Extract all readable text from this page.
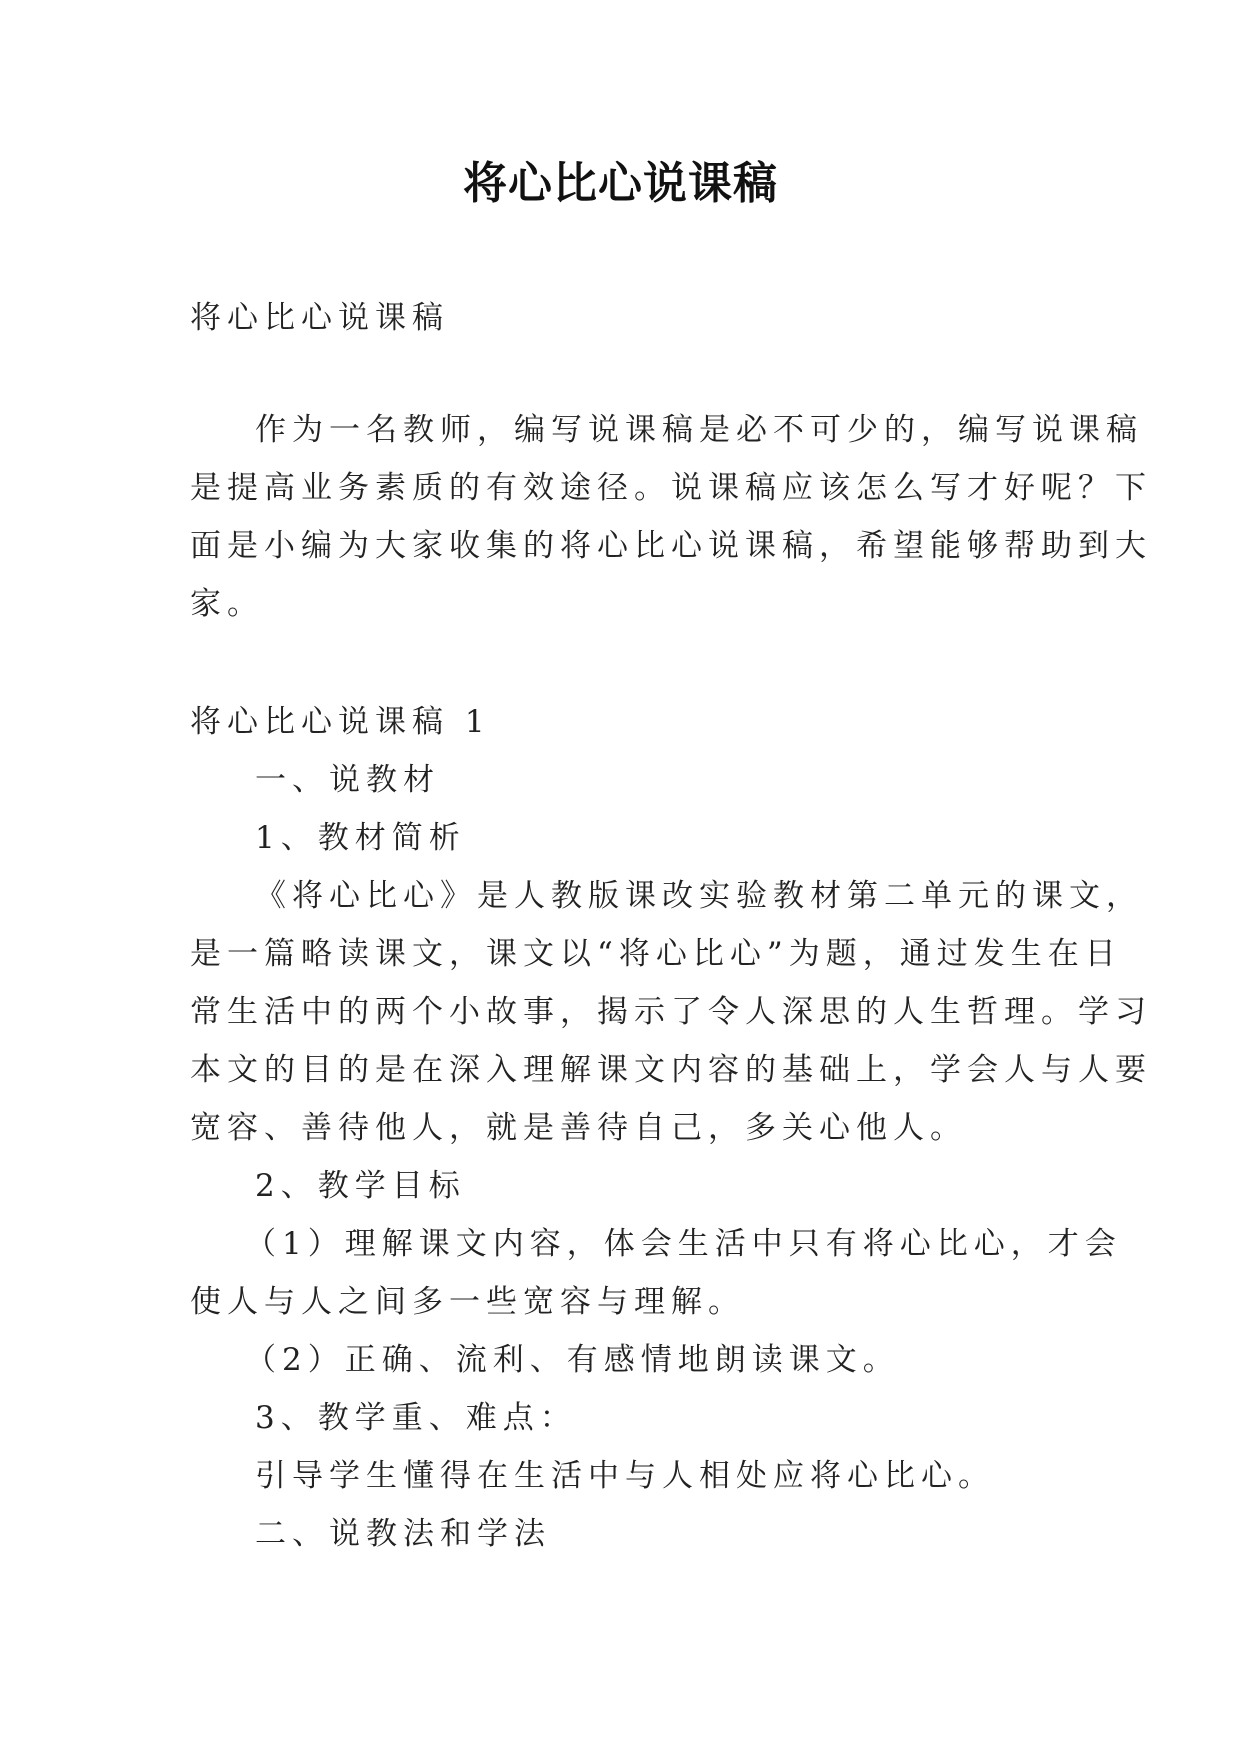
将心比心说课稿

将心比心说课稿

作为一名教师，编写说课稿是必不可少的，编写说课稿

是提高业务素质的有效途径。说课稿应该怎么写才好呢？下

面是小编为大家收集的将心比心说课稿，希望能够帮助到大

家。

将心比心说课稿 1

一、说教材

1、教材简析

《将心比心》是人教版课改实验教材第二单元的课文，

是一篇略读课文，课文以“将心比心”为题，通过发生在日

常生活中的两个小故事，揭示了令人深思的人生哲理。学习

本文的目的是在深入理解课文内容的基础上，学会人与人要

宽容、善待他人，就是善待自己，多关心他人。

2、教学目标

（1）理解课文内容，体会生活中只有将心比心，才会

使人与人之间多一些宽容与理解。

（2）正确、流利、有感情地朗读课文。

3、教学重、难点：

引导学生懂得在生活中与人相处应将心比心。

二、说教法和学法
